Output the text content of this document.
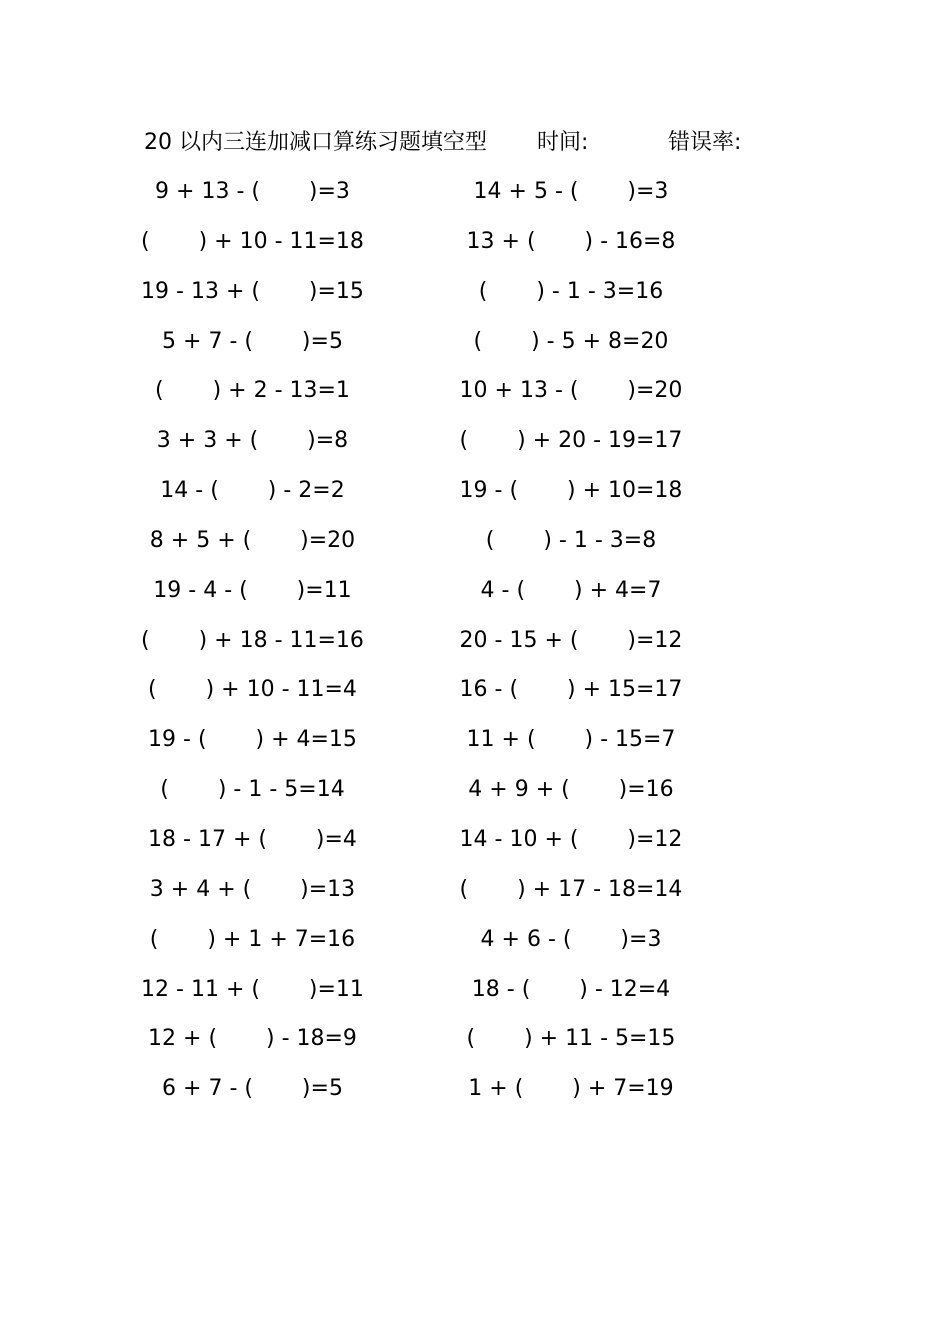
20 以内三连加减口算练习题填空型 时间:	错误率:
9 + 13 - (       )=3
(       ) + 10 - 11=18
19 - 13 + (       )=15
5 + 7 - (       )=5
(       ) + 2 - 13=1
3 + 3 + (       )=8
14 - (       ) - 2=2
8 + 5 + (       )=20
19 - 4 - (       )=11
(       ) + 18 - 11=16
(       ) + 10 - 11=4
19 - (       ) + 4=15
(       ) - 1 - 5=14
18 - 17 + (       )=4
3 + 4 + (       )=13
(       ) + 1 + 7=16
12 - 11 + (       )=11
12 + (       ) - 18=9
6 + 7 - (       )=5
14 + 5 - (       )=3
13 + (       ) - 16=8
(       ) - 1 - 3=16
(       ) - 5 + 8=20
10 + 13 - (       )=20
(       ) + 20 - 19=17
19 - (       ) + 10=18
(       ) - 1 - 3=8
4 - (       ) + 4=7
20 - 15 + (       )=12
16 - (       ) + 15=17
11 + (       ) - 15=7
4 + 9 + (       )=16
14 - 10 + (       )=12
(       ) + 17 - 18=14
4 + 6 - (       )=3
18 - (       ) - 12=4
(       ) + 11 - 5=15
1 + (       ) + 7=19
